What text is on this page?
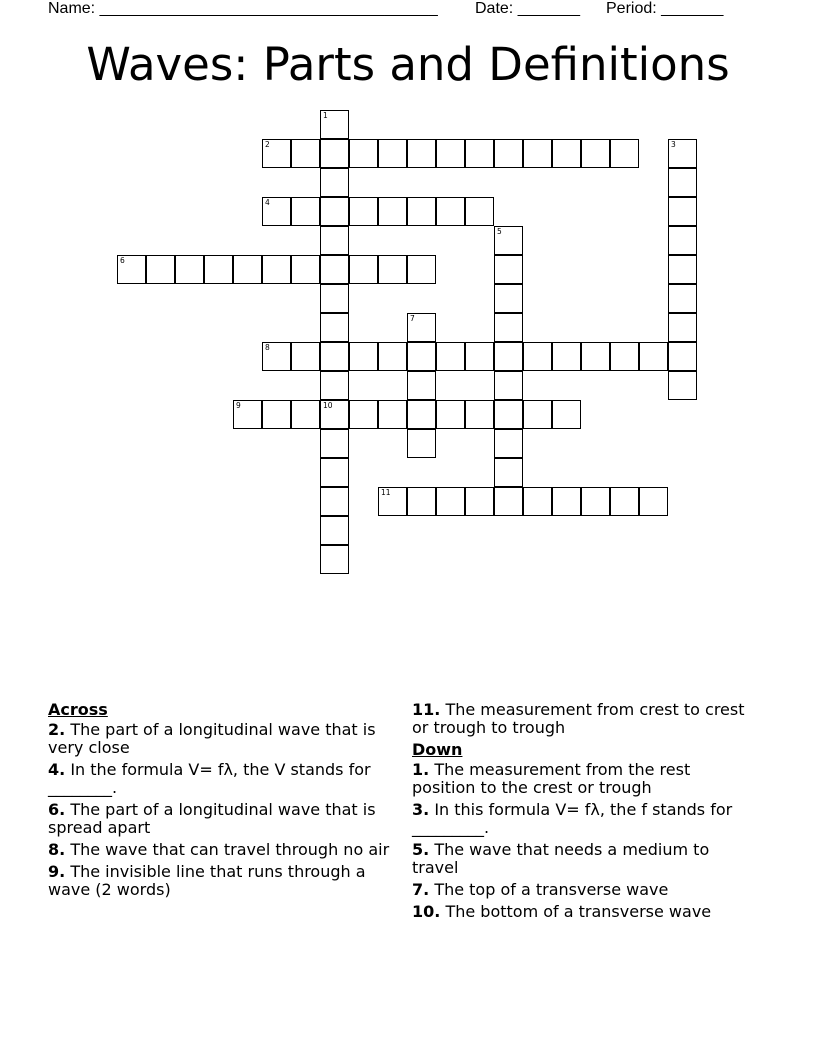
Name: ______________________________________ Date: _______ Period: _______
Waves: Parts and Definitions
1
10
2	3
4
5
6
7
8
9
11
Across
2. The part of a longitudinal wave that is very close
4. In the formula V= fλ, the V stands for ________.
6. The part of a longitudinal wave that is spread apart
8. The wave that can travel through no air
9. The invisible line that runs through a wave (2 words)
11. The measurement from crest to crest or trough to trough
Down
1. The measurement from the rest position to the crest or trough
3. In this formula V= fλ, the f stands for _________.
5. The wave that needs a medium to travel
7. The top of a transverse wave
10. The bottom of a transverse wave
